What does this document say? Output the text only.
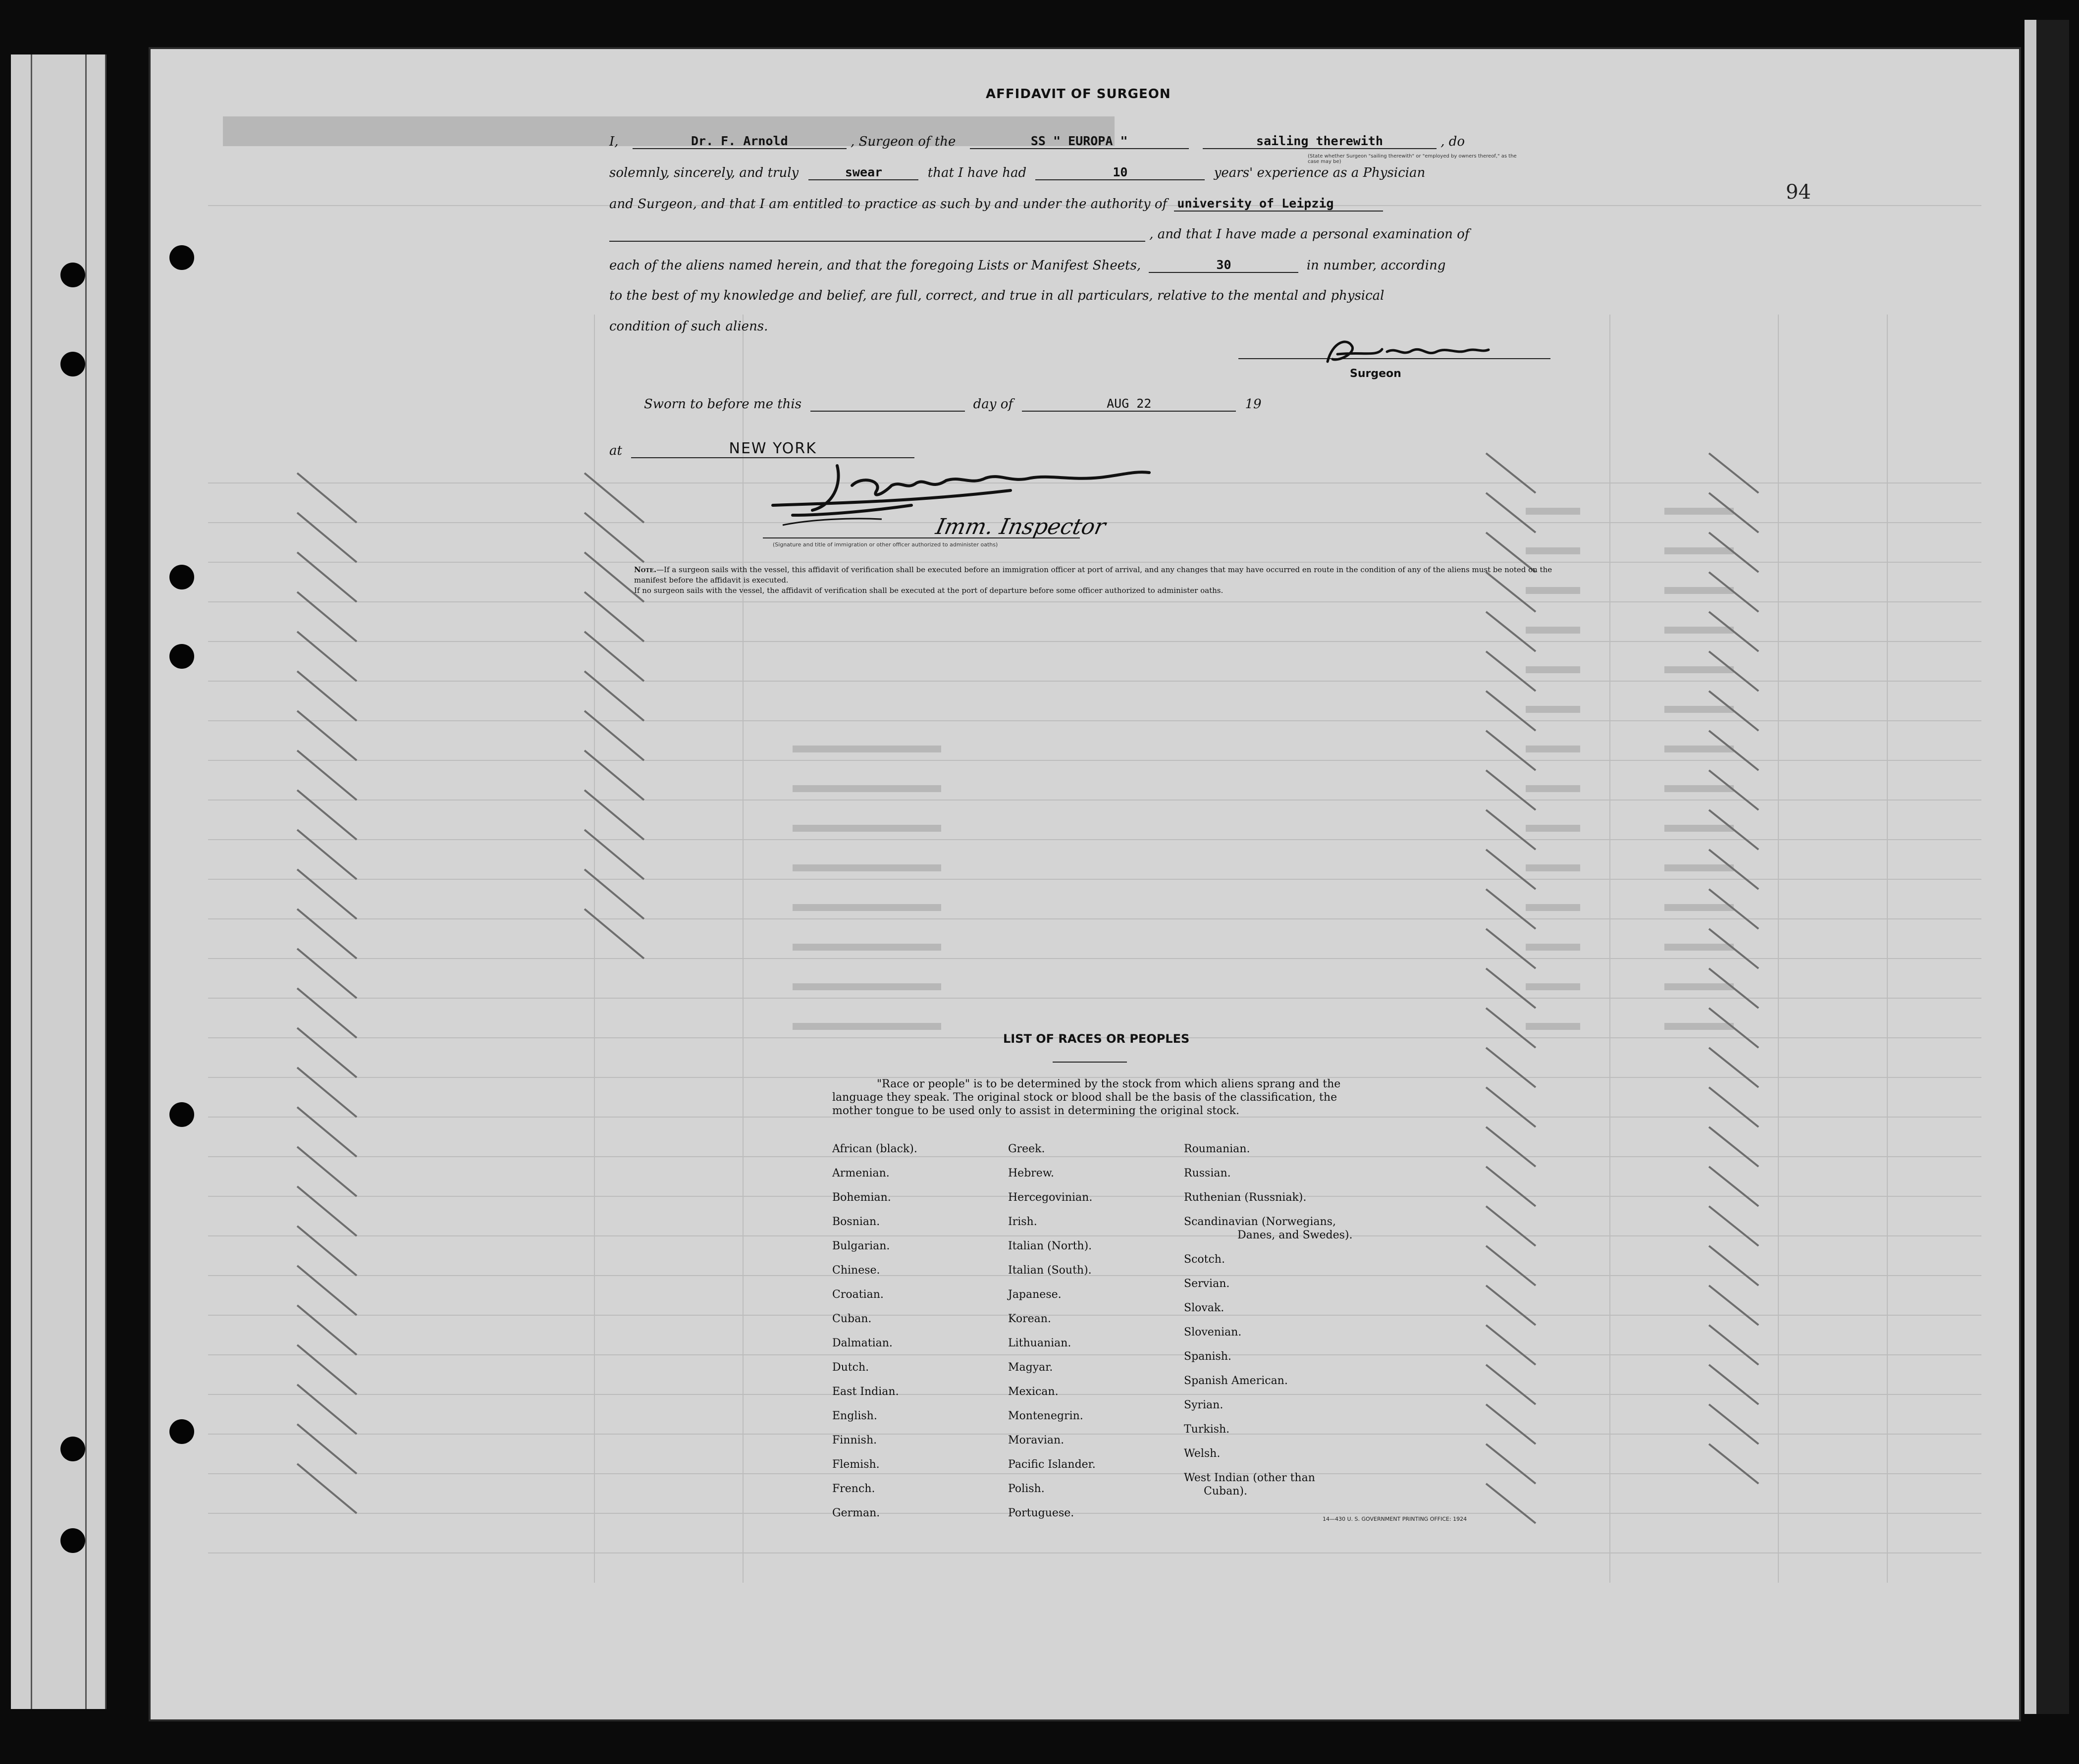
AFFIDAVIT OF SURGEON
94
I,	Dr. F. Arnold	, Surgeon of the	SS " EUROPA "	sailing therewith	, do
(State whether Surgeon "sailing therewith" or "employed by owners thereof," as the case may be)
solemnly, sincerely, and truly	swear	that I have had	10	years' experience as a Physician
and Surgeon, and that I am entitled to practice as such by and under the authority of university of Leipzig
, and that I have made a personal examination of
each of the aliens named herein, and that the foregoing Lists or Manifest Sheets,	30	in number, according
to the best of my knowledge and belief, are full, correct, and true in all particulars, relative to the mental and physical
condition of such aliens.
Surgeon
Sworn to before me this	day of	AUG 22	19
at	NEW YORK
(Signature and title of immigration or other officer authorized to administer oaths)
Imm. Inspector
Note.—If a surgeon sails with the vessel, this affidavit of verification shall be executed before an immigration officer at port of arrival, and any changes that may have occurred en route in the condition of any of the aliens must be noted on the manifest before the affidavit is executed.
If no surgeon sails with the vessel, the affidavit of verification shall be executed at the port of departure before some officer authorized to administer oaths.
LIST OF RACES OR PEOPLES
"Race or people" is to be determined by the stock from which aliens sprang and the language they speak. The original stock or blood shall be the basis of the classification, the mother tongue to be used only to assist in determining the original stock.
African (black).
Armenian.
Bohemian.
Bosnian.
Bulgarian.
Chinese.
Croatian.
Cuban.
Dalmatian.
Dutch.
East Indian.
English.
Finnish.
Flemish.
French.
German.
Greek.
Hebrew.
Hercegovinian.
Irish.
Italian (North).
Italian (South).
Japanese.
Korean.
Lithuanian.
Magyar.
Mexican.
Montenegrin.
Moravian.
Pacific Islander.
Polish.
Portuguese.
Roumanian.
Russian.
Ruthenian (Russniak).
Scandinavian (Norwegians,
Danes, and Swedes).
Scotch.
Servian.
Slovak.
Slovenian.
Spanish.
Spanish American.
Syrian.
Turkish.
Welsh.
West Indian (other than
Cuban).
14—430 U. S. GOVERNMENT PRINTING OFFICE: 1924
